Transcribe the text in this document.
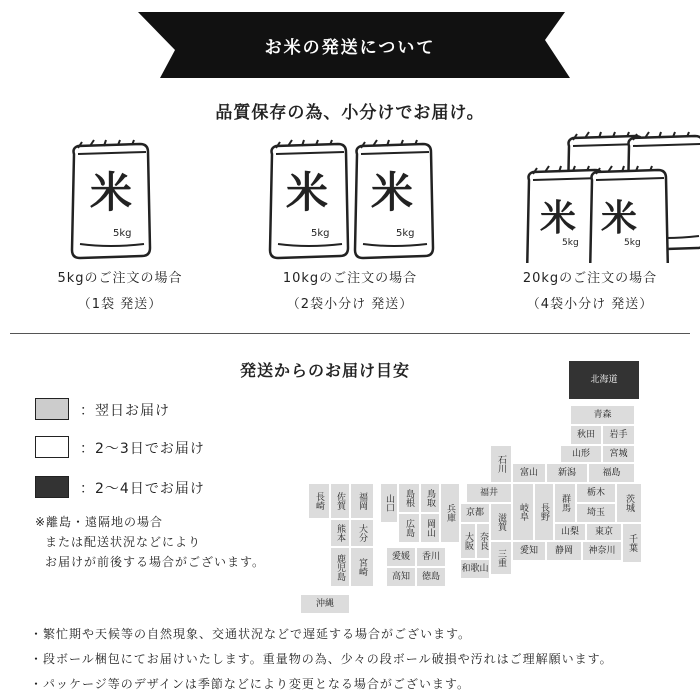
お米の発送について
品質保存の為、小分けでお届け。
米
5kg
米
5kg
米
5kg	米
5kg
米
5kg
5kgのご注文の場合
（1袋 発送）
10kgのご注文の場合
（2袋小分け 発送）
20kgのご注文の場合
（4袋小分け 発送）
発送からのお届け目安
：翌日お届け
：2～3日でお届け
：2～4日でお届け
※離島・遠隔地の場合
または配送状況などにより
お届けが前後する場合がございます。
北海道
青森
秋田	岩手
山形	宮城
石川	富山	新潟	福島
福井
岐阜	長野	群馬
栃木
茨城
埼玉
山梨	東京
千葉
滋賀
京都
三重	愛知	静岡	神奈川
兵庫
大阪 奈良
和歌山
山口	島根	鳥取
広島	岡山
愛媛	香川
高知	徳島
長崎	佐賀	福岡
熊本	大分
鹿児島	宮崎
沖縄
・繁忙期や天候等の自然現象、交通状況などで遅延する場合がございます。
・段ボール梱包にてお届けいたします。重量物の為、少々の段ボール破損や汚れはご理解願います。
・パッケージ等のデザインは季節などにより変更となる場合がございます。
